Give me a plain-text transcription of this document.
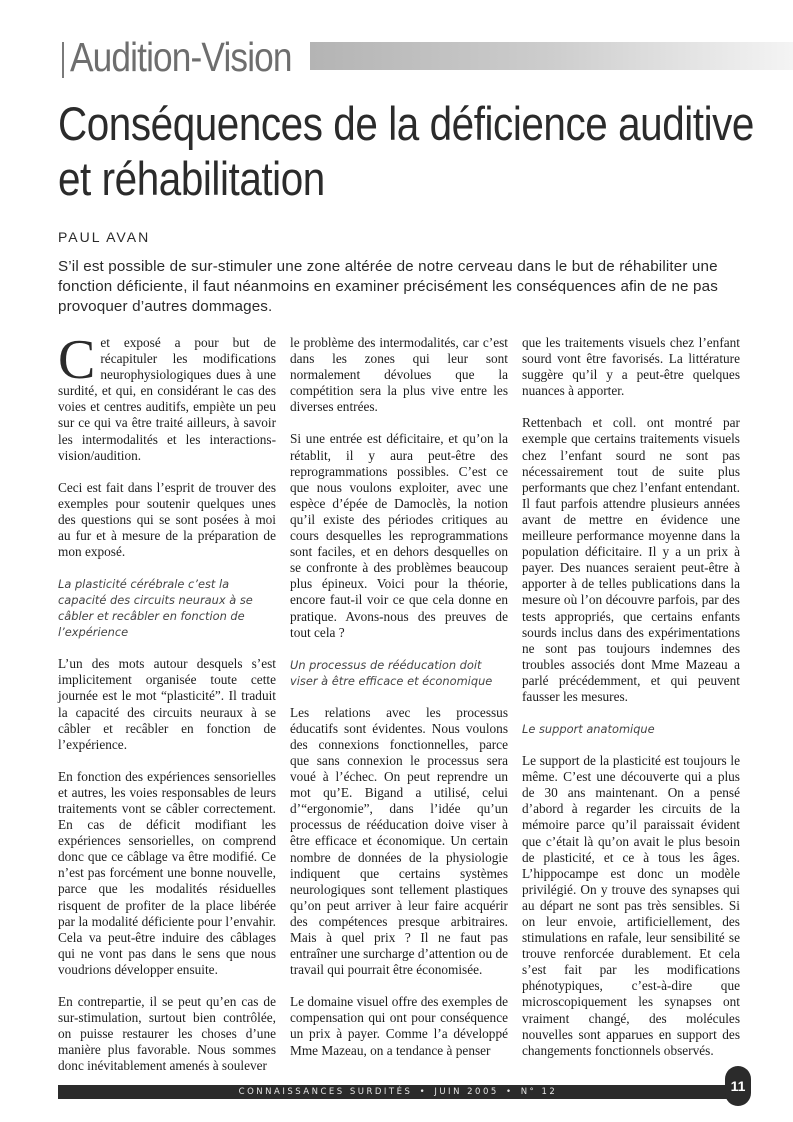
Audition-Vision
Conséquences de la déficience auditive et réhabilitation
PAUL AVAN
S’il est possible de sur-stimuler une zone altérée de notre cerveau dans le but de réhabiliter une fonction déficiente, il faut néanmoins en examiner précisément les conséquences afin de ne pas provoquer d’autres dommages.

Cet exposé a pour but de récapituler les modifications neurophysiologiques dues à une surdité, et qui, en considérant le cas des voies et centres auditifs, empiète un peu sur ce qui va être traité ailleurs, à savoir les intermodalités et les interactions-vision/audition.

Ceci est fait dans l’esprit de trouver des exemples pour soutenir quelques unes des questions qui se sont posées à moi au fur et à mesure de la préparation de mon exposé.

La plasticité cérébrale c’est la capacité des circuits neuraux à se câbler et recâbler en fonction de l’expérience

L’un des mots autour desquels s’est implicitement organisée toute cette journée est le mot “plasticité”. Il traduit la capacité des circuits neuraux à se câbler et recâbler en fonction de l’expérience.

En fonction des expériences sensorielles et autres, les voies responsables de leurs traitements vont se câbler correctement. En cas de déficit modifiant les expériences sensorielles, on comprend donc que ce câblage va être modifié. Ce n’est pas forcément une bonne nouvelle, parce que les modalités résiduelles risquent de profiter de la place libérée par la modalité déficiente pour l’envahir. Cela va peut-être induire des câblages qui ne vont pas dans le sens que nous voudrions développer ensuite.

En contrepartie, il se peut qu’en cas de sur-stimulation, surtout bien contrôlée, on puisse restaurer les choses d’une manière plus favorable. Nous sommes donc inévitablement amenés à soulever

le problème des intermodalités, car c’est dans les zones qui leur sont normalement dévolues que la compétition sera la plus vive entre les diverses entrées.

Si une entrée est déficitaire, et qu’on la rétablit, il y aura peut-être des reprogrammations possibles. C’est ce que nous voulons exploiter, avec une espèce d’épée de Damoclès, la notion qu’il existe des périodes critiques au cours desquelles les reprogrammations sont faciles, et en dehors desquelles on se confronte à des problèmes beaucoup plus épineux. Voici pour la théorie, encore faut-il voir ce que cela donne en pratique. Avons-nous des preuves de tout cela ?

Un processus de rééducation doit viser à être efficace et économique

Les relations avec les processus éducatifs sont évidentes. Nous voulons des connexions fonctionnelles, parce que sans connexion le processus sera voué à l’échec. On peut reprendre un mot qu’E. Bigand a utilisé, celui d’“ergonomie”, dans l’idée qu’un processus de rééducation doive viser à être efficace et économique. Un certain nombre de données de la physiologie indiquent que certains systèmes neurologiques sont tellement plastiques qu’on peut arriver à leur faire acquérir des compétences presque arbitraires. Mais à quel prix ? Il ne faut pas entraîner une surcharge d’attention ou de travail qui pourrait être économisée.

Le domaine visuel offre des exemples de compensation qui ont pour conséquence un prix à payer. Comme l’a développé Mme Mazeau, on a tendance à penser

que les traitements visuels chez l’enfant sourd vont être favorisés. La littérature suggère qu’il y a peut-être quelques nuances à apporter.

Rettenbach et coll. ont montré par exemple que certains traitements visuels chez l’enfant sourd ne sont pas nécessairement tout de suite plus performants que chez l’enfant entendant. Il faut parfois attendre plusieurs années avant de mettre en évidence une meilleure performance moyenne dans la population déficitaire. Il y a un prix à payer. Des nuances seraient peut-être à apporter à de telles publications dans la mesure où l’on découvre parfois, par des tests appropriés, que certains enfants sourds inclus dans des expérimentations ne sont pas toujours indemnes des troubles associés dont Mme Mazeau a parlé précédemment, et qui peuvent fausser les mesures.

Le support anatomique

Le support de la plasticité est toujours le même. C’est une découverte qui a plus de 30 ans maintenant. On a pensé d’abord à regarder les circuits de la mémoire parce qu’il paraissait évident que c’était là qu’on avait le plus besoin de plasticité, et ce à tous les âges. L’hippocampe est donc un modèle privilégié. On y trouve des synapses qui au départ ne sont pas très sensibles. Si on leur envoie, artificiellement, des stimulations en rafale, leur sensibilité se trouve renforcée durablement. Et cela s’est fait par les modifications phénotypiques, c’est-à-dire que microscopiquement les synapses ont vraiment changé, des molécules nouvelles sont apparues en support des changements fonctionnels observés.

CONNAISSANCES SURDITÉS • JUIN 2005 • N° 12	11
